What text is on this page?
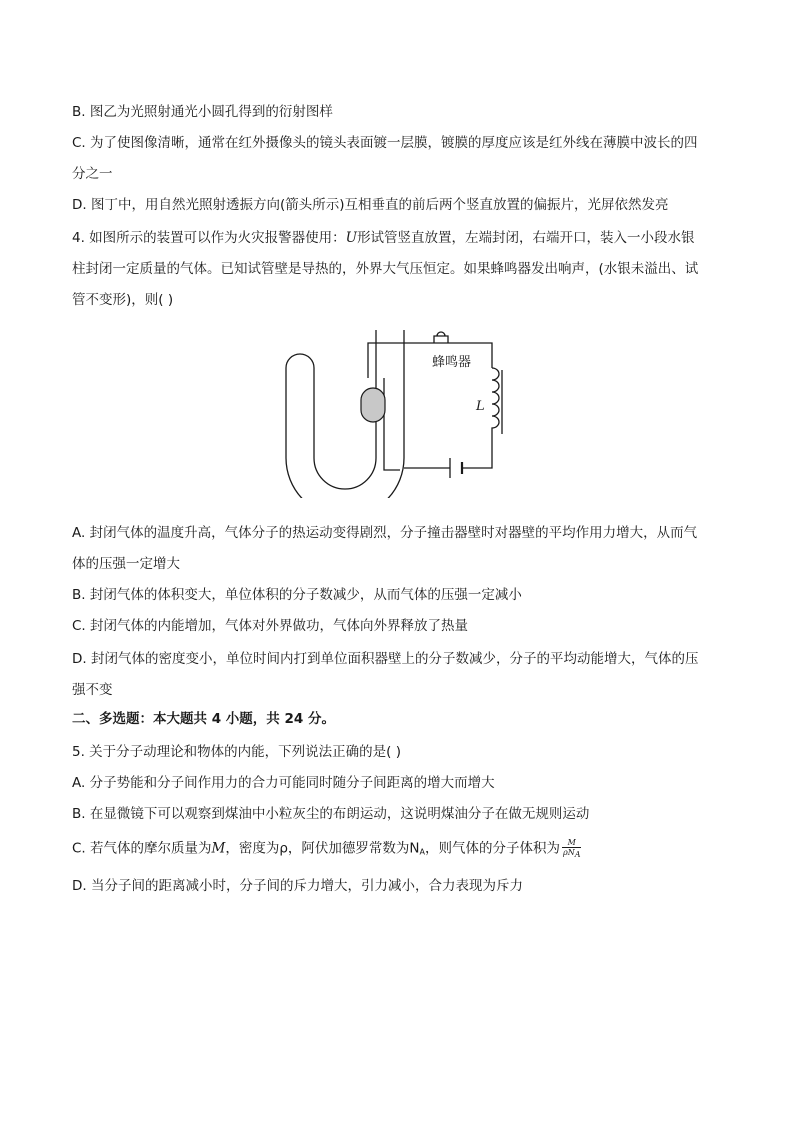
B. 图乙为光照射通光小圆孔得到的衍射图样
C. 为了使图像清晰，通常在红外摄像头的镜头表面镀一层膜，镀膜的厚度应该是红外线在薄膜中波长的四
分之一
D. 图丁中，用自然光照射透振方向(箭头所示)互相垂直的前后两个竖直放置的偏振片，光屏依然发亮
4. 如图所示的装置可以作为火灾报警器使用：U形试管竖直放置，左端封闭，右端开口，装入一小段水银
柱封闭一定质量的气体。已知试管壁是导热的，外界大气压恒定。如果蜂鸣器发出响声，(水银未溢出、试
管不变形)，则( )
蜂鸣器
L
A. 封闭气体的温度升高，气体分子的热运动变得剧烈，分子撞击器壁时对器壁的平均作用力增大，从而气
体的压强一定增大
B. 封闭气体的体积变大，单位体积的分子数减少，从而气体的压强一定减小
C. 封闭气体的内能增加，气体对外界做功，气体向外界释放了热量
D. 封闭气体的密度变小，单位时间内打到单位面积器壁上的分子数减少，分子的平均动能增大，气体的压
强不变
二、多选题：本大题共 4 小题，共 24 分。
5. 关于分子动理论和物体的内能，下列说法正确的是( )
A. 分子势能和分子间作用力的合力可能同时随分子间距离的增大而增大
B. 在显微镜下可以观察到煤油中小粒灰尘的布朗运动，这说明煤油分子在做无规则运动
C. 若气体的摩尔质量为M，密度为ρ，阿伏加德罗常数为$N_A$，则气体的分子体积为 $\frac{M}{\text{ρNA}}$
D. 当分子间的距离减小时，分子间的斥力增大，引力减小，合力表现为斥力
